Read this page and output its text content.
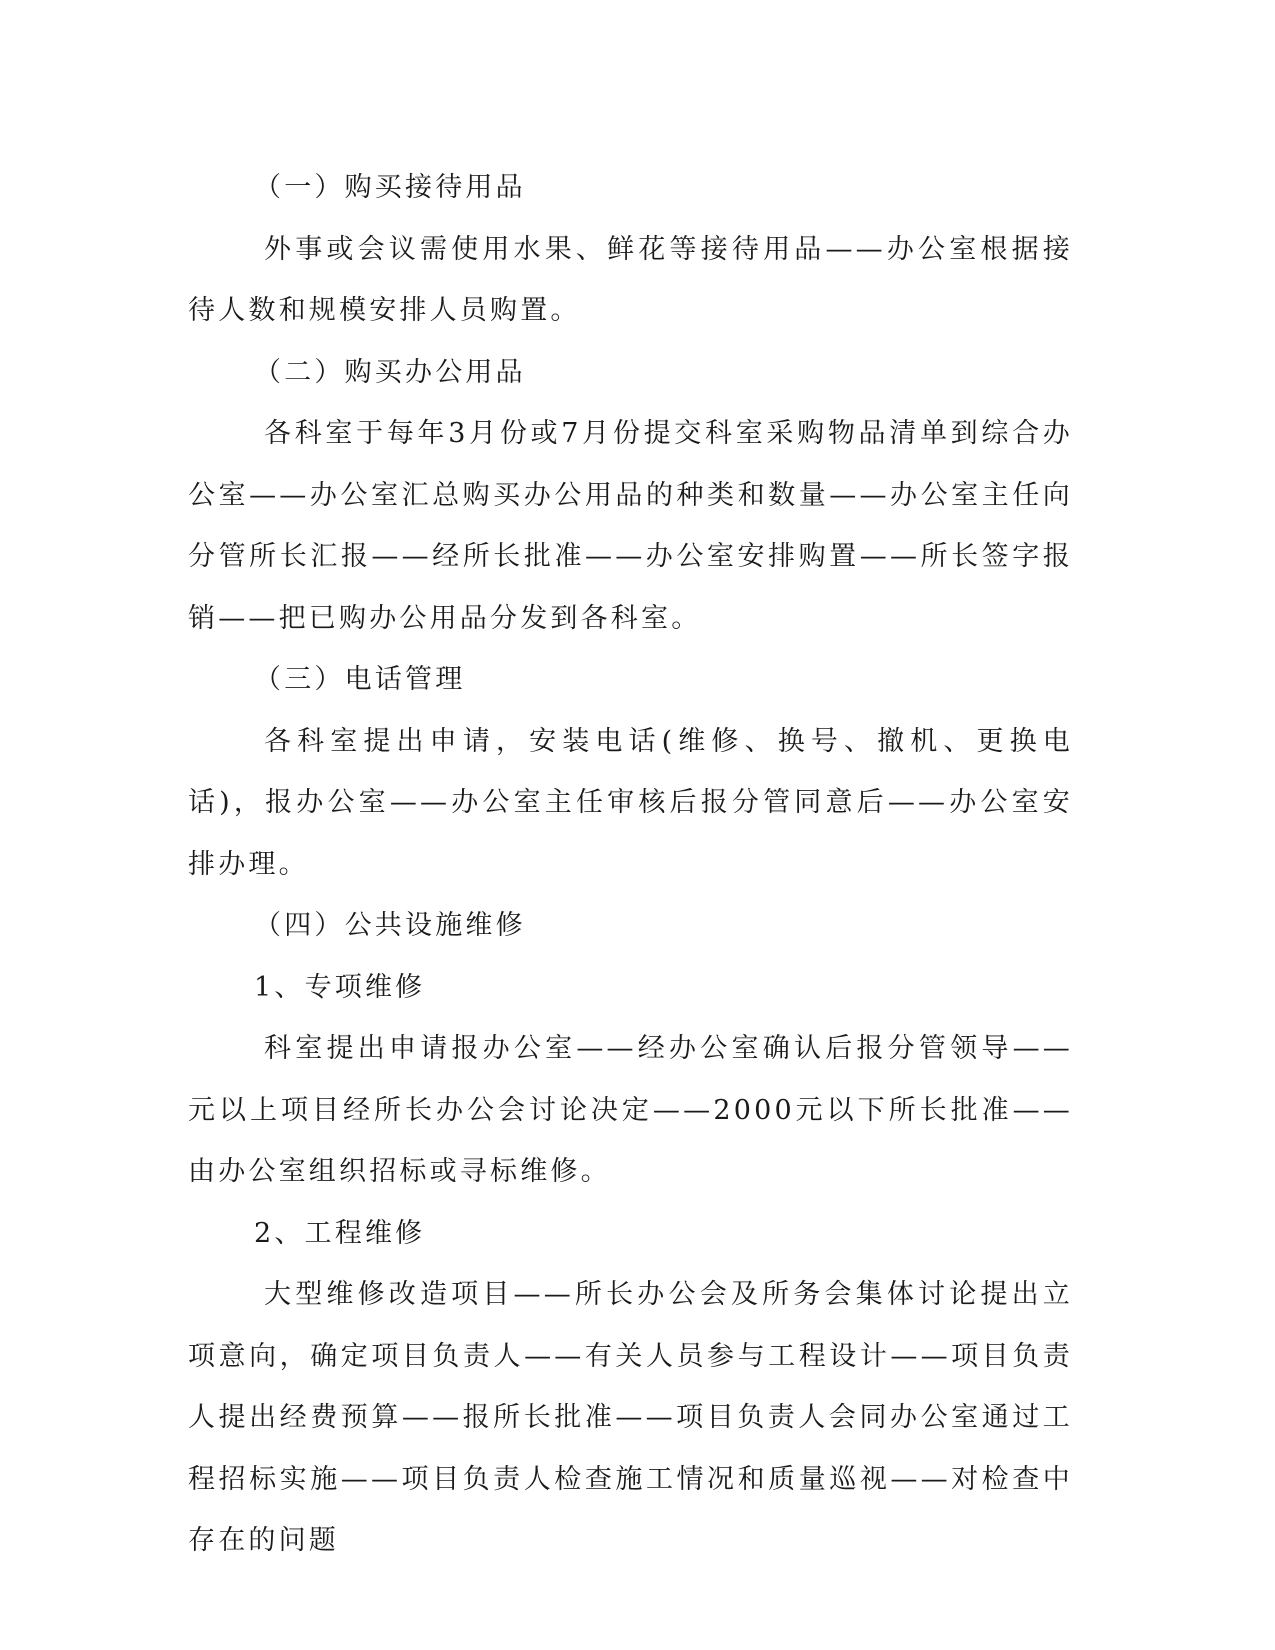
（一）购买接待用品

外事或会议需使用水果、鲜花等接待用品——办公室根据接待人数和规模安排人员购置。

（二）购买办公用品

各科室于每年3月份或7月份提交科室采购物品清单到综合办公室——办公室汇总购买办公用品的种类和数量——办公室主任向分管所长汇报——经所长批准——办公室安排购置——所长签字报销——把已购办公用品分发到各科室。

（三）电话管理

各科室提出申请，安装电话(维修、换号、撤机、更换电话)，报办公室——办公室主任审核后报分管同意后——办公室安排办理。

（四）公共设施维修

1、专项维修

科室提出申请报办公室——经办公室确认后报分管领导——元以上项目经所长办公会讨论决定——2000元以下所长批准——由办公室组织招标或寻标维修。

2、工程维修

大型维修改造项目——所长办公会及所务会集体讨论提出立项意向，确定项目负责人——有关人员参与工程设计——项目负责人提出经费预算——报所长批准——项目负责人会同办公室通过工程招标实施——项目负责人检查施工情况和质量巡视——对检查中存在的问题
